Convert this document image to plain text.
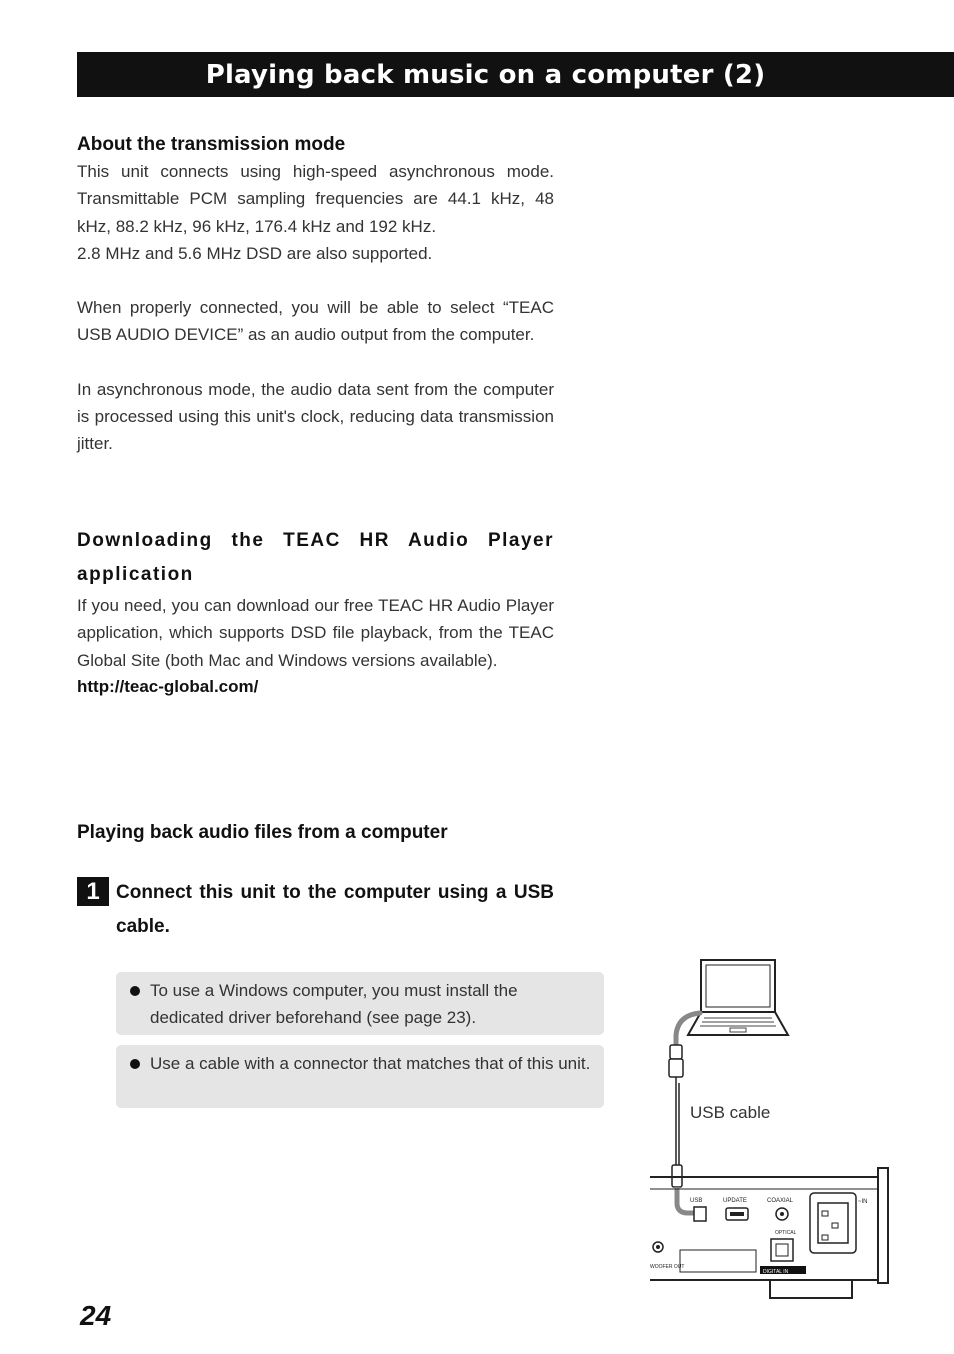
Playing back music on a computer (2)
About the transmission mode

This unit connects using high-speed asynchronous mode. Transmittable PCM sampling frequencies are 44.1 kHz, 48 kHz, 88.2 kHz, 96 kHz, 176.4 kHz and 192 kHz.

2.8 MHz and 5.6 MHz DSD are also supported.

When properly connected, you will be able to select “TEAC USB AUDIO DEVICE” as an audio output from the computer.

In asynchronous mode, the audio data sent from the computer is processed using this unit's clock, reducing data transmission jitter.

Downloading the TEAC HR Audio Player application

If you need, you can download our free TEAC HR Audio Player application, which supports DSD file playback, from the TEAC Global Site (both Mac and Windows versions available).

http://teac-global.com/
Playing back audio files from a computer
1 Connect this unit to the computer using a USB cable.

To use a Windows computer, you must install the dedicated driver beforehand (see page 23).

Use a cable with a connector that matches that of this unit.

USB	UPDATE	COAXIAL
OPTICAL
DIGITAL IN
~IN
WOOFER OUT
USB cable
24
